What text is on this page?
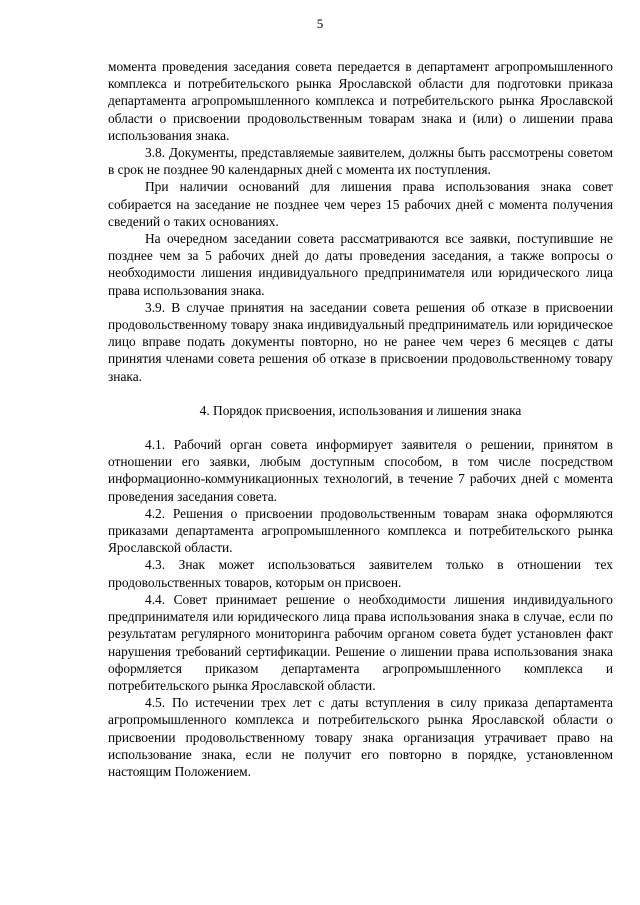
5

момента проведения заседания совета передается в департамент агропромышленного комплекса и потребительского рынка Ярославской области для подготовки приказа департамента агропромышленного комплекса и потребительского рынка Ярославской области о присвоении продовольственным товарам знака и (или) о лишении права использования знака.

3.8. Документы, представляемые заявителем, должны быть рассмотрены советом в срок не позднее 90 календарных дней с момента их поступления.

При наличии оснований для лишения права использования знака совет собирается на заседание не позднее чем через 15 рабочих дней с момента получения сведений о таких основаниях.

На очередном заседании совета рассматриваются все заявки, поступившие не позднее чем за 5 рабочих дней до даты проведения заседания, а также вопросы о необходимости лишения индивидуального предпринимателя или юридического лица права использования знака.

3.9. В случае принятия на заседании совета решения об отказе в присвоении продовольственному товару знака индивидуальный предприниматель или юридическое лицо вправе подать документы повторно, но не ранее чем через 6 месяцев с даты принятия членами совета решения об отказе в присвоении продовольственному товару знака.

4. Порядок присвоения, использования и лишения знака

4.1. Рабочий орган совета информирует заявителя о решении, принятом в отношении его заявки, любым доступным способом, в том числе посредством информационно-коммуникационных технологий, в течение 7 рабочих дней с момента проведения заседания совета.

4.2. Решения о присвоении продовольственным товарам знака оформляются приказами департамента агропромышленного комплекса и потребительского рынка Ярославской области.

4.3. Знак может использоваться заявителем только в отношении тех продовольственных товаров, которым он присвоен.

4.4. Совет принимает решение о необходимости лишения индивидуального предпринимателя или юридического лица права использования знака в случае, если по результатам регулярного мониторинга рабочим органом совета будет установлен факт нарушения требований сертификации. Решение о лишении права использования знака оформляется приказом департамента агропромышленного комплекса и потребительского рынка Ярославской области.

4.5. По истечении трех лет с даты вступления в силу приказа департамента агропромышленного комплекса и потребительского рынка Ярославской области о присвоении продовольственному товару знака организация утрачивает право на использование знака, если не получит его повторно в порядке, установленном настоящим Положением.
